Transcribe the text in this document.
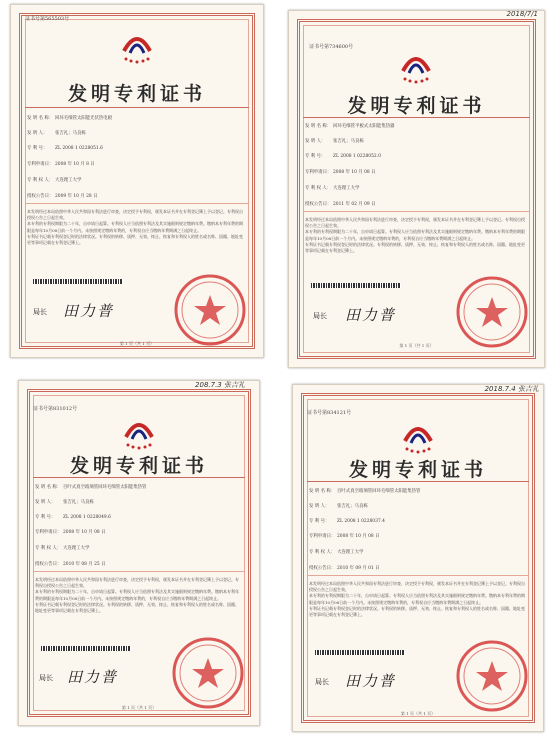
证书号第565503号
发明专利证书
发 明 名 称： 回环毛细管太阳能光伏热电板
发 明 人： 张吉礼；马良栋
专 利 号： ZL 2008 1 0228051.6
专利申请日： 2008 年 10 月 8 日
专 利 权 人： 大连理工大学
授权公告日： 2009 年 10 月 28 日
本发明经过本局依照中华人民共和国专利法进行审查，决定授予专利权，颁发本证书并在专利登记簿上予以登记。专利权自授权公告之日起生效。
本专利的专利权期限为二十年，自申请日起算。专利权人应当依照专利法及其实施细则规定缴纳年费。缴纳本专利年费的期限是每年10月08日前一个月内。未按照规定缴纳年费的，专利权自应当缴纳年费期满之日起终止。
专利证书记载专利权登记时的法律状况。专利权的转移、质押、无效、终止、恢复和专利权人的姓名或名称、国籍、地址变更等事项记载在专利登记簿上。
局长 田力普
第 1 页（共 1 页）
2018/7/1
证书号第734600号
发明专利证书
发 明 名 称： 回环毛细管平板式太阳能集热器
发 明 人： 张吉礼；马良栋
专 利 号： ZL 2008 1 0228052.0
专利申请日： 2008 年 10 月 08 日
专 利 权 人： 大连理工大学
授权公告日： 2011 年 02 月 09 日
本发明经过本局依照中华人民共和国专利法进行审查，决定授予专利权，颁发本证书并在专利登记簿上予以登记。专利权自授权公告之日起生效。
本专利的专利权期限为二十年，自申请日起算。专利权人应当依照专利法及其实施细则规定缴纳年费。缴纳本专利年费的期限是每年10月08日前一个月内。未按照规定缴纳年费的，专利权自应当缴纳年费期满之日起终止。
专利证书记载专利权登记时的法律状况。专利权的转移、质押、无效、终止、恢复和专利权人的姓名或名称、国籍、地址变更等事项记载在专利登记簿上。
局长 田力普
第 1 页（共 1 页）
208.7.3 张吉礼
证书号第831012号
发明专利证书
发 明 名 称： 百叶式真空玻璃管回环毛细管太阳能集热管
发 明 人： 张吉礼；马良栋
专 利 号： ZL 2008 1 0228049.6
专利申请日： 2008 年 10 月 08 日
专 利 权 人： 大连理工大学
授权公告日： 2010 年 08 月 25 日
本发明经过本局依照中华人民共和国专利法进行审查，决定授予专利权，颁发本证书并在专利登记簿上予以登记。专利权自授权公告之日起生效。
本专利的专利权期限为二十年，自申请日起算。专利权人应当依照专利法及其实施细则规定缴纳年费。缴纳本专利年费的期限是每年10月08日前一个月内。未按照规定缴纳年费的，专利权自应当缴纳年费期满之日起终止。
专利证书记载专利权登记时的法律状况。专利权的转移、质押、无效、终止、恢复和专利权人的姓名或名称、国籍、地址变更等事项记载在专利登记簿上。
局长 田力普
第 1 页（共 1 页）
2018.7.4 张吉礼
证书号第834121号
发明专利证书
发 明 名 称： 百叶式真空玻璃管回环毛细管太阳能集热管
发 明 人： 张吉礼；马良栋
专 利 号： ZL 2008 1 0228037.4
专利申请日： 2008 年 10 月 08 日
专 利 权 人： 大连理工大学
授权公告日： 2010 年 09 月 01 日
本发明经过本局依照中华人民共和国专利法进行审查，决定授予专利权，颁发本证书并在专利登记簿上予以登记。专利权自授权公告之日起生效。
本专利的专利权期限为二十年，自申请日起算。专利权人应当依照专利法及其实施细则规定缴纳年费。缴纳本专利年费的期限是每年10月08日前一个月内。未按照规定缴纳年费的，专利权自应当缴纳年费期满之日起终止。
专利证书记载专利权登记时的法律状况。专利权的转移、质押、无效、终止、恢复和专利权人的姓名或名称、国籍、地址变更等事项记载在专利登记簿上。
局长 田力普
第 1 页（共 1 页）
